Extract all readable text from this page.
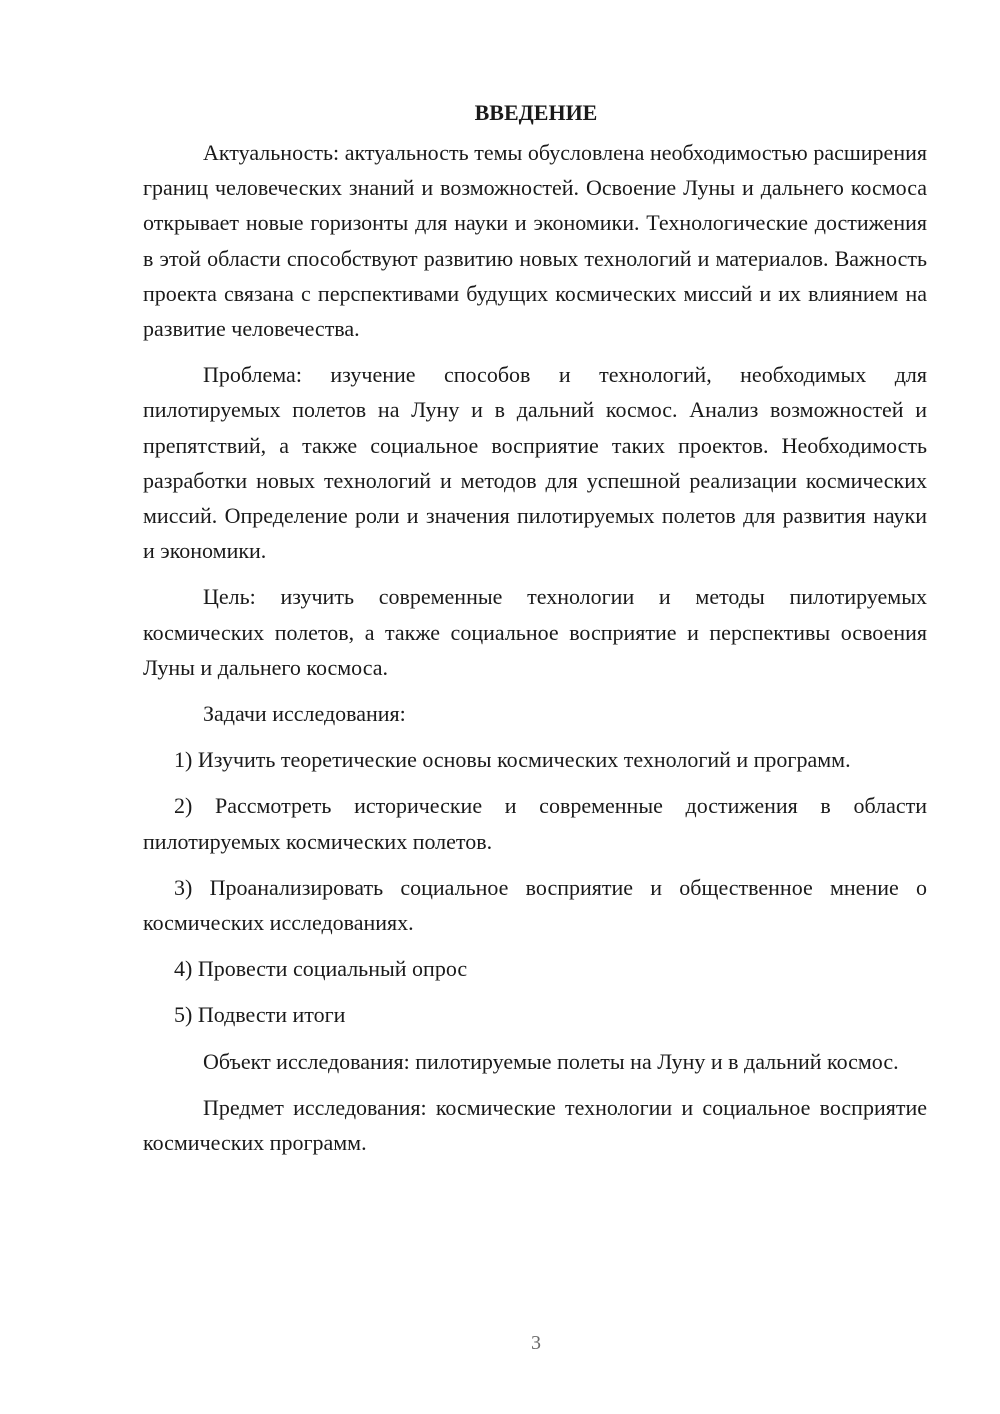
ВВЕДЕНИЕ

Актуальность: актуальность темы обусловлена необходимостью расширения границ человеческих знаний и возможностей. Освоение Луны и дальнего космоса открывает новые горизонты для науки и экономики. Технологические достижения в этой области способствуют развитию новых технологий и материалов. Важность проекта связана с перспективами будущих космических миссий и их влиянием на развитие человечества.

Проблема: изучение способов и технологий, необходимых для пилотируемых полетов на Луну и в дальний космос. Анализ возможностей и препятствий, а также социальное восприятие таких проектов. Необходимость разработки новых технологий и методов для успешной реализации космических миссий. Определение роли и значения пилотируемых полетов для развития науки и экономики.

Цель: изучить современные технологии и методы пилотируемых космических полетов, а также социальное восприятие и перспективы освоения Луны и дальнего космоса.

Задачи исследования:

1) Изучить теоретические основы космических технологий и программ.

2) Рассмотреть исторические и современные достижения в области пилотируемых космических полетов.

3) Проанализировать социальное восприятие и общественное мнение о космических исследованиях.

4) Провести социальный опрос

5) Подвести итоги

Объект исследования: пилотируемые полеты на Луну и в дальний космос.

Предмет исследования: космические технологии и социальное восприятие космических программ.

3
